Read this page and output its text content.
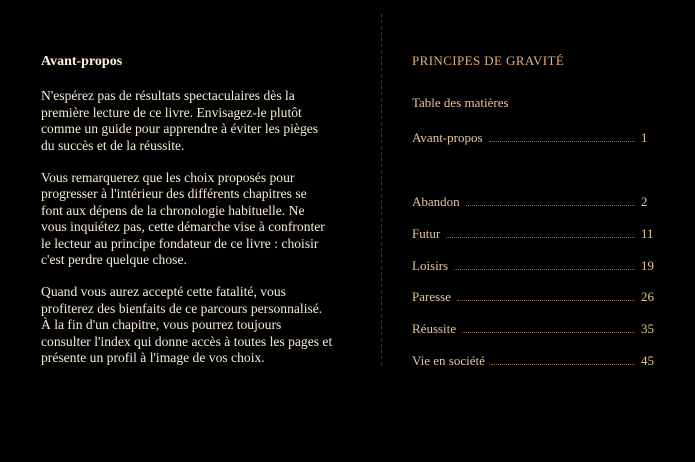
Avant-propos
N'espérez pas de résultats spectaculaires dès la
première lecture de ce livre. Envisagez-le plutôt
comme un guide pour apprendre à éviter les pièges
du succès et de la réussite.
Vous remarquerez que les choix proposés pour
progresser à l'intérieur des différents chapitres se
font aux dépens de la chronologie habituelle. Ne
vous inquiétez pas, cette démarche vise à confronter
le lecteur au principe fondateur de ce livre : choisir
c'est perdre quelque chose.
Quand vous aurez accepté cette fatalité, vous
profiterez des bienfaits de ce parcours personnalisé.
À la fin d'un chapitre, vous pourrez toujours
consulter l'index qui donne accès à toutes les pages et
présente un profil à l'image de vos choix.
PRINCIPES DE GRAVITÉ
Table des matières
Avant-propos	1
Abandon	2
Futur	11
Loisirs	19
Paresse	26
Réussite	35
Vie en société	45
